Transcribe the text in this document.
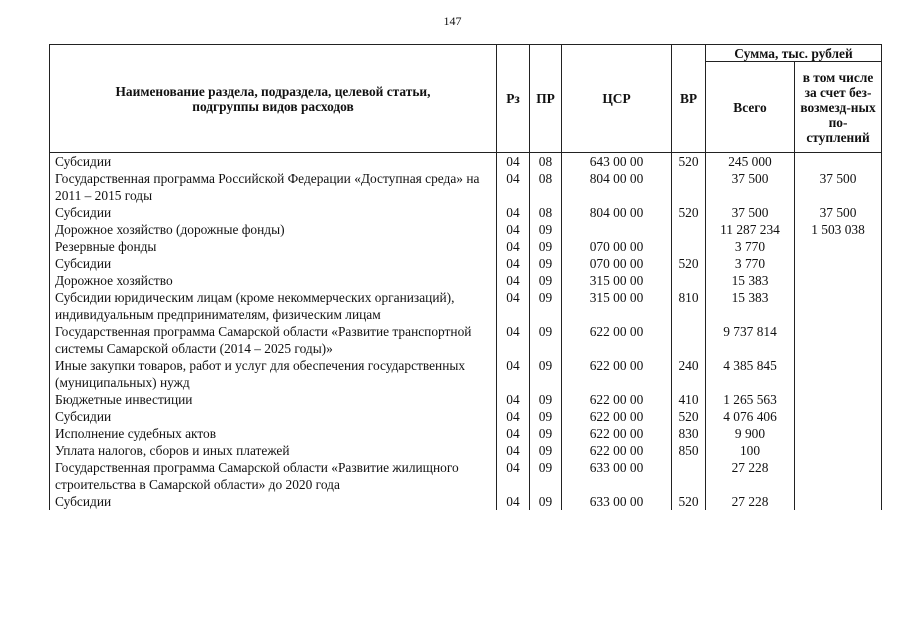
147
Наименование раздела, подраздела, целевой статьи, подгруппы видов расходов	Рз	ПР	ЦСР	ВР	Сумма, тыс. рублей	
					Всего	в том числе за счет без-возмезд-ных по-ступлений
Субсидии	04	08	643 00 00	520	245 000	
Государственная программа Российской Федерации «Доступная среда» на 2011 – 2015 годы	04	08	804 00 00		37 500	37 500
Субсидии	04	08	804 00 00	520	37 500	37 500
Дорожное хозяйство (дорожные фонды)	04	09			11 287 234	1 503 038
Резервные фонды	04	09	070 00 00		3 770	
Субсидии	04	09	070 00 00	520	3 770	
Дорожное хозяйство	04	09	315 00 00		15 383	
Субсидии юридическим лицам (кроме некоммерческих организаций), индивидуальным предпринимателям, физическим лицам	04	09	315 00 00	810	15 383	
Государственная программа Самарской области «Развитие транспортной системы Самарской области (2014 – 2025 годы)»	04	09	622 00 00		9 737 814	
Иные закупки товаров, работ и услуг для обеспечения государственных (муниципальных) нужд	04	09	622 00 00	240	4 385 845	
Бюджетные инвестиции	04	09	622 00 00	410	1 265 563	
Субсидии	04	09	622 00 00	520	4 076 406	
Исполнение судебных актов	04	09	622 00 00	830	9 900	
Уплата налогов, сборов и иных платежей	04	09	622 00 00	850	100	
Государственная программа Самарской области «Развитие жилищного строительства в Самарской области» до 2020 года	04	09	633 00 00		27 228	
Субсидии	04	09	633 00 00	520	27 228	
